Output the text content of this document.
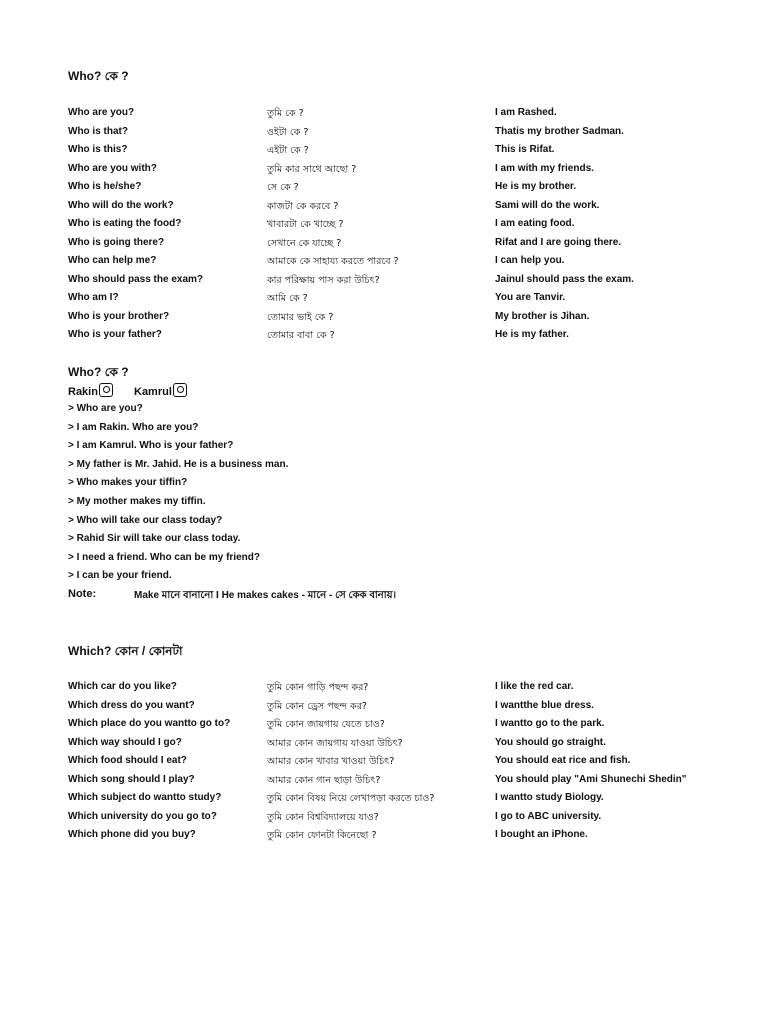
Who? কে ?
Who are you?	তুমি কে ?	I am Rashed.
Who is that?	ওইটা কে ?	Thatis my brother Sadman.
Who is this?	এইটা কে ?	This is Rifat.
Who are you with?	তুমি কার সাথে আছো ?	I am with my friends.
Who is he/she?	সে কে ?	He is my brother.
Who will do the work?	কাজটা কে করবে ?	Sami will do the work.
Who is eating the food?	খাবারটা কে খাচ্ছে ?	I am eating food.
Who is going there?	সেখানে কে যাচ্ছে ?	Rifat and I are going there.
Who can help me?	আমাকে কে সাহায্য করতে পারবে ?	I can help you.
Who should pass the exam?	কার পরিক্ষায় পাস করা উচিৎ?	Jainul should pass the exam.
Who am I?	আমি কে ?	You are Tanvir.
Who is your brother?	তোমার ভাই কে ?	My brother is Jihan.
Who is your father?	তোমার বাবা কে ?	He is my father.
Who? কে ?
Rakin	Kamrul
> Who are you?
> I am Rakin. Who are you?
> I am Kamrul. Who is your father?
> My father is Mr. Jahid. He is a business man.
> Who makes your tiffin?
> My mother makes my tiffin.
> Who will take our class today?
> Rahid Sir will take our class today.
> I need a friend. Who can be my friend?
> I can be your friend.
Note:	Make মানে বানানো I He makes cakes - মানে - সে কেক বানায়।
Which? কোন / কোনটা
Which car do you like?	তুমি কোন গাড়ি পছন্দ কর?	I like the red car.
Which dress do you want?	তুমি কোন ড্রেস পছন্দ কর?	I wantthe blue dress.
Which place do you wantto go to?	তুমি কোন জায়গায় যেতে চাও?	I wantto go to the park.
Which way should I go?	আমার কোন জায়গায় যাওয়া উচিৎ?	You should go straight.
Which food should I eat?	আমার কোন খাবার খাওয়া উচিৎ?	You should eat rice and fish.
Which song should I play?	আমার কোন গান ছাড়া উচিৎ?	You should play "Ami Shunechi Shedin"
Which subject do wantto study?	তুমি কোন বিষয় নিয়ে লেখাপড়া করতে চাও?	I wantto study Biology.
Which university do you go to?	তুমি কোন বিশ্ববিদ্যালয়ে যাও?	I go to ABC university.
Which phone did you buy?	তুমি কোন ফোনটা কিনেছো ?	I bought an iPhone.
